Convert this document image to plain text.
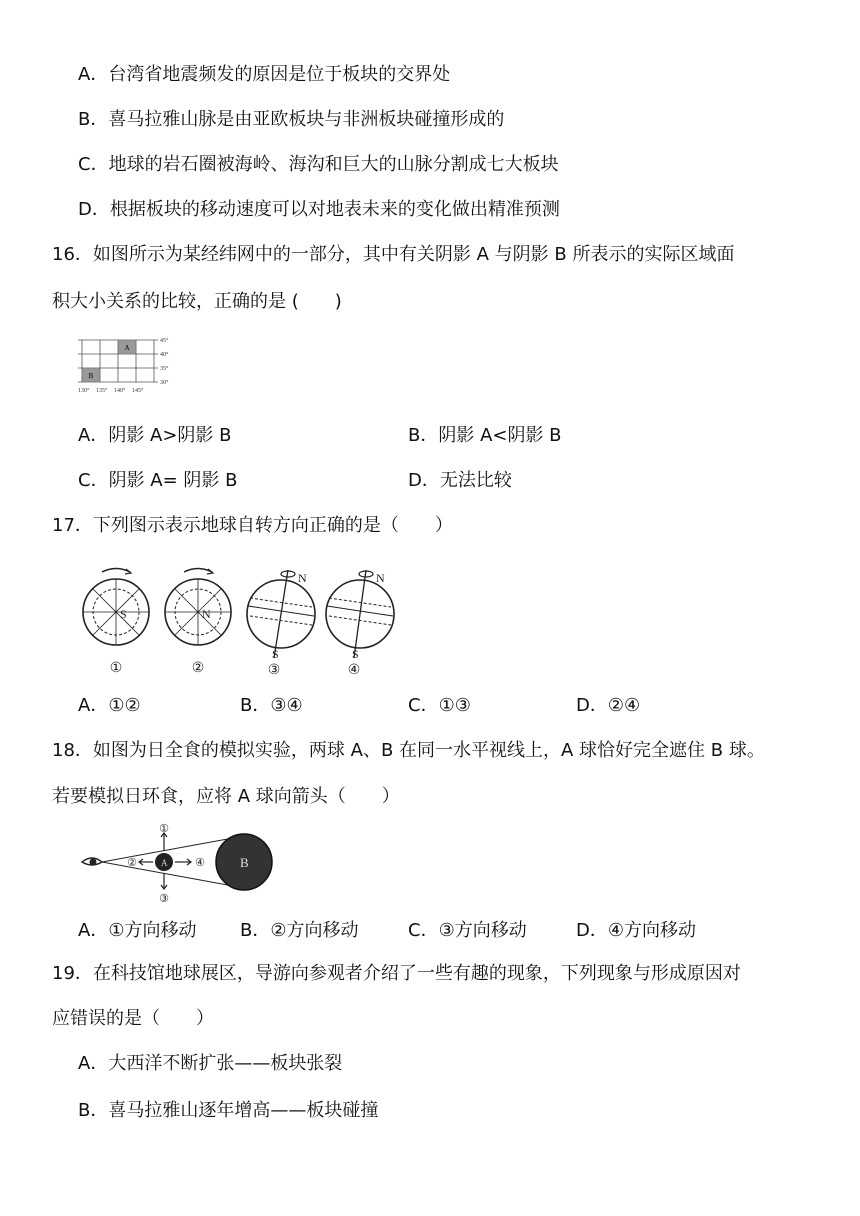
A．台湾省地震频发的原因是位于板块的交界处
B．喜马拉雅山脉是由亚欧板块与非洲板块碰撞形成的
C．地球的岩石圈被海岭、海沟和巨大的山脉分割成七大板块
D．根据板块的移动速度可以对地表未来的变化做出精准预测
16．如图所示为某经纬网中的一部分，其中有关阴影 A 与阴影 B 所表示的实际区域面
积大小关系的比较，正确的是 (　　)
A
B
45°
40°
35°
30°
130° 135° 140° 145°
A．阴影 A>阴影 B	B．阴影 A<阴影 B
C．阴影 A= 阴影 B	D．无法比较
17．下列图示表示地球自转方向正确的是（　　）
S
①
N
②
N
S
③
N
S
④
A．①②	B．③④	C．①③	D．②④
18．如图为日全食的模拟实验，两球 A、B 在同一水平视线上，A 球恰好完全遮住 B 球。
若要模拟日环食，应将 A 球向箭头（　　）
B
A
①
②
③
④
A．①方向移动 B．②方向移动	C．③方向移动	D．④方向移动
19．在科技馆地球展区，导游向参观者介绍了一些有趣的现象，下列现象与形成原因对
应错误的是（　　）
A．大西洋不断扩张——板块张裂
B．喜马拉雅山逐年增高——板块碰撞
